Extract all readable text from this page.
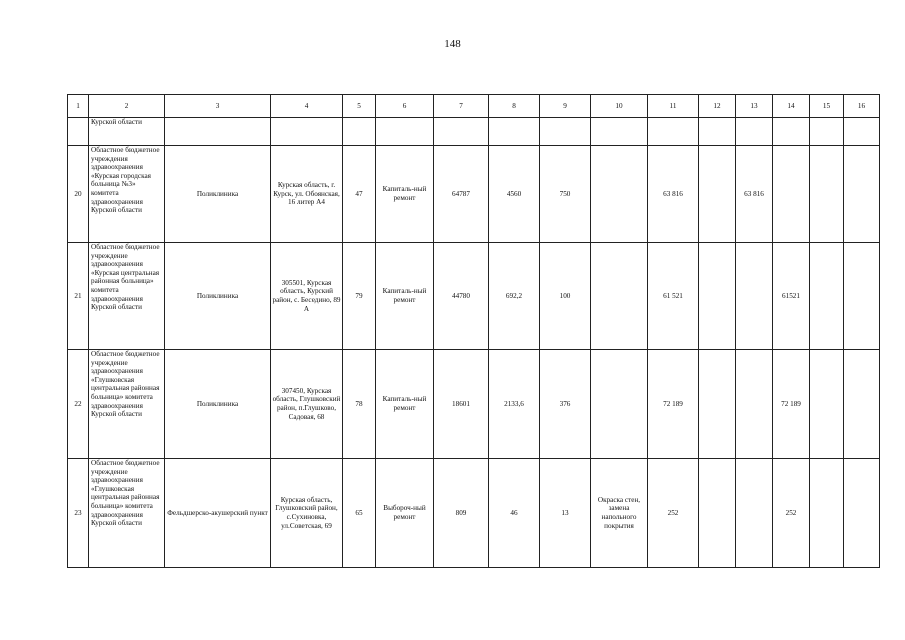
148
1	2	3	4	5	6	7	8	9	10	11	12	13	14	15	16
	Курской области														
20	Областное бюджетное учреждения здравоохранения «Курская городская больница №3» комитета здравоохранения Курской области	Поликлиника	Курская область, г. Курск, ул. Обоянская, 16 литер А4	47	Капиталь-ный ремонт	64787	4560	750		63 816		63 816			
21	Областное бюджетное учреждение здравоохранения «Курская центральная районная больница» комитета здравоохранения Курской области	Поликлиника	305501, Курская область, Курский район, с. Беседино, 89 А	79	Капиталь-ный ремонт	44780	692,2	100		61 521			61521		
22	Областное бюджетное учреждение здравоохранения «Глушковская центральная районная больница» комитета здравоохранения Курской области	Поликлиника	307450, Курская область, Глушковский район, п.Глушково, Садовая, 68	78	Капиталь-ный ремонт	18601	2133,6	376		72 189			72 189		
23	Областное бюджетное учреждение здравоохранения «Глушковская центральная районная больница» комитета здравоохранения Курской области	Фельдшерско-акушерский пункт	Курская область, Глушковский район, с.Сухиновка, ул.Советская, 69	65	Выбороч-ный ремонт	809	46	13	Окраска стен, замена напольного покрытия	252			252		
